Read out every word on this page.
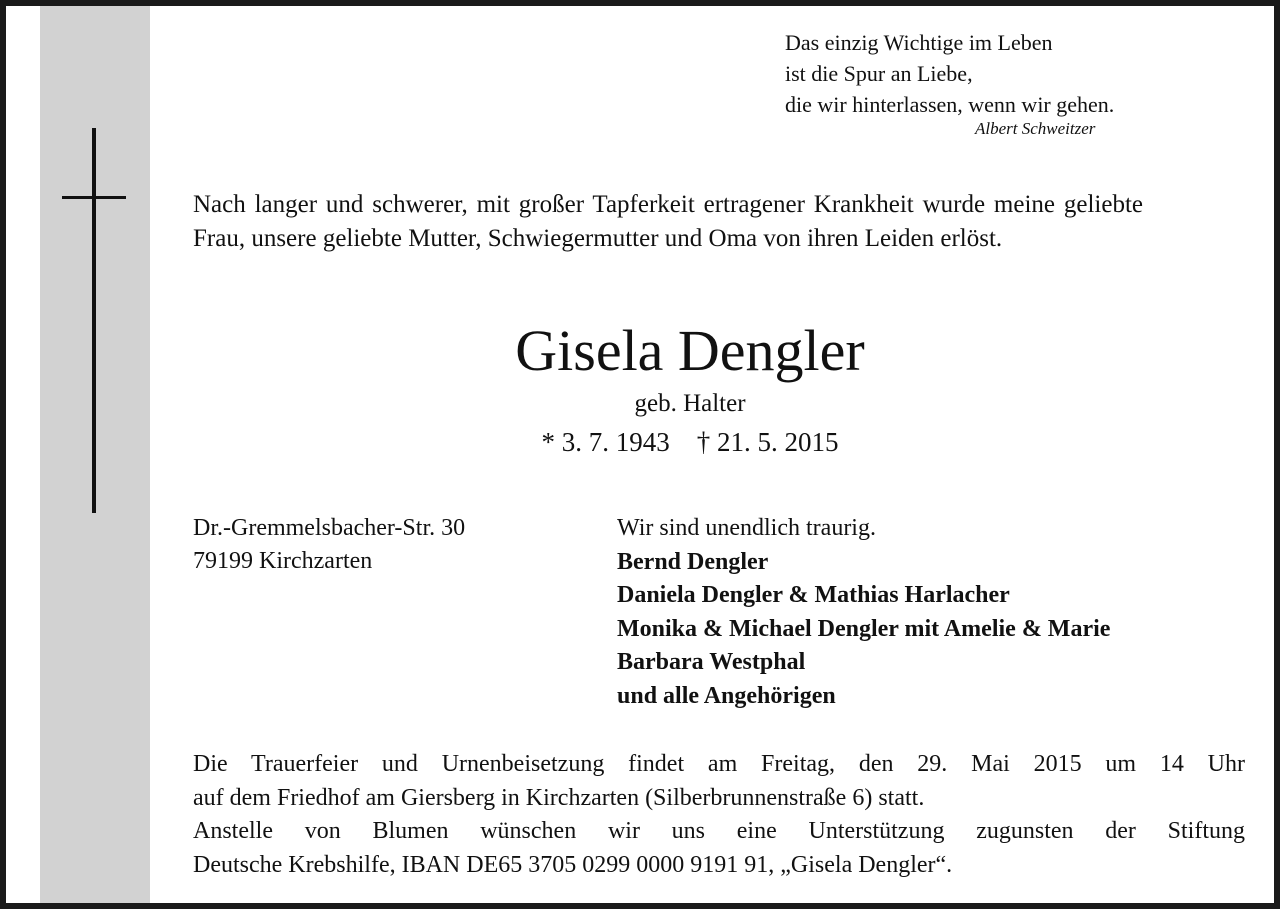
Das einzig Wichtige im Leben
ist die Spur an Liebe,
die wir hinterlassen, wenn wir gehen.
Albert Schweitzer
Nach langer und schwerer, mit großer Tapferkeit ertragener Krankheit wurde meine geliebte Frau, unsere geliebte Mutter, Schwiegermutter und Oma von ihren Leiden erlöst.
Gisela Dengler
geb. Halter
* 3. 7. 1943    † 21. 5. 2015
Dr.-Gremmelsbacher-Str. 30
79199 Kirchzarten
Wir sind unendlich traurig.
Bernd Dengler
Daniela Dengler & Mathias Harlacher
Monika & Michael Dengler mit Amelie & Marie
Barbara Westphal
und alle Angehörigen
Die Trauerfeier und Urnenbeisetzung findet am Freitag, den 29. Mai 2015 um 14 Uhr
auf dem Friedhof am Giersberg in Kirchzarten (Silberbrunnenstraße 6) statt.
Anstelle von Blumen wünschen wir uns eine Unterstützung zugunsten der Stiftung
Deutsche Krebshilfe, IBAN DE65 3705 0299 0000 9191 91, „Gisela Dengler“.
